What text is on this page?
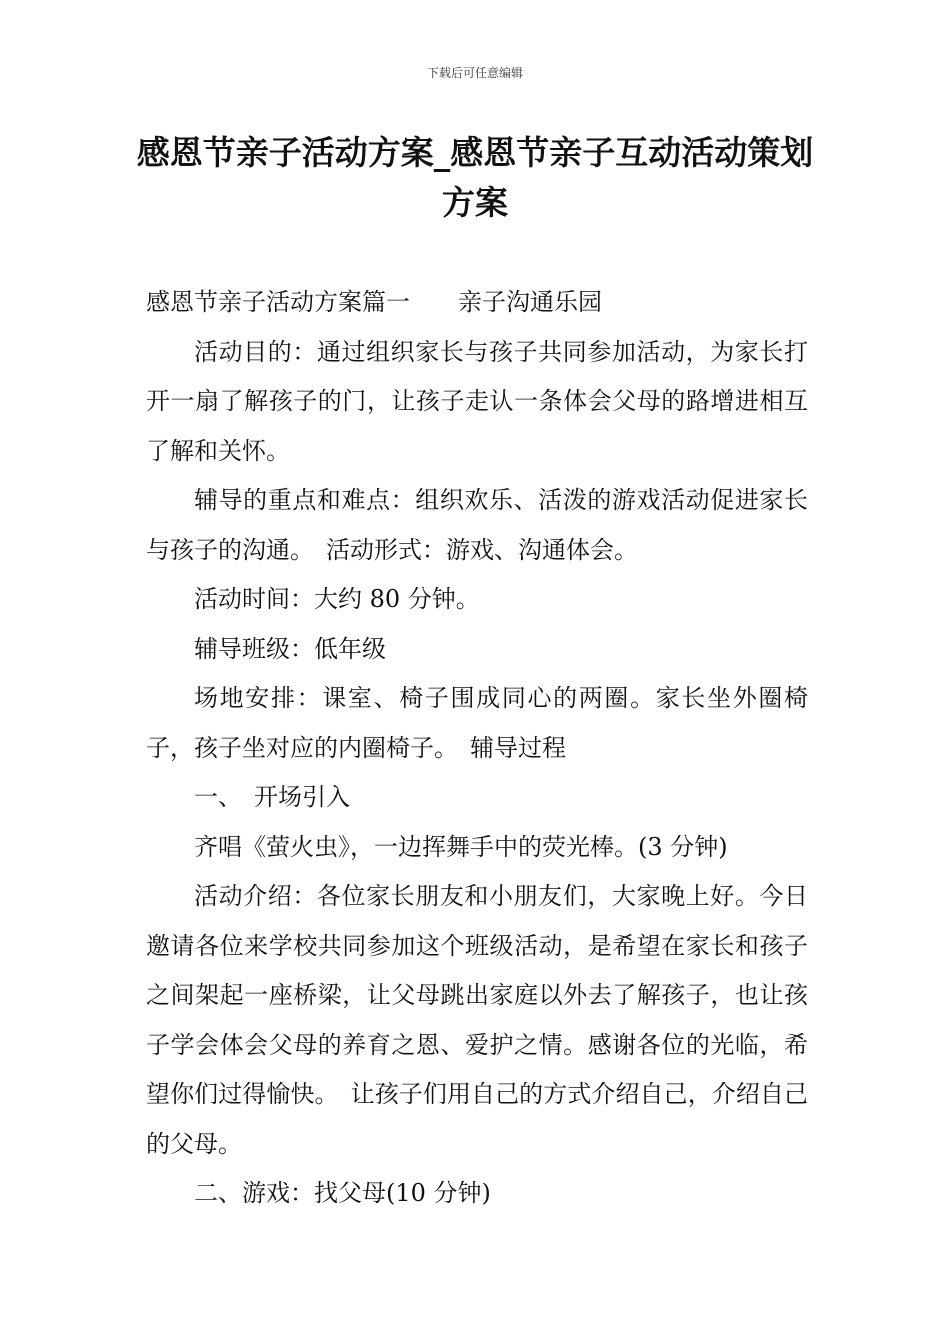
下载后可任意编辑
感恩节亲子活动方案_感恩节亲子互动活动策划方案

感恩节亲子活动方案篇一 亲子沟通乐园

活动目的：通过组织家长与孩子共同参加活动，为家长打开一扇了解孩子的门，让孩子走认一条体会父母的路增进相互了解和关怀。

辅导的重点和难点：组织欢乐、活泼的游戏活动促进家长与孩子的沟通。 活动形式：游戏、沟通体会。

活动时间：大约 80 分钟。

辅导班级：低年级

场地安排：课室、椅子围成同心的两圈。家长坐外圈椅子，孩子坐对应的内圈椅子。 辅导过程

一、 开场引入

齐唱《萤火虫》，一边挥舞手中的荧光棒。(3 分钟)

活动介绍：各位家长朋友和小朋友们，大家晚上好。今日邀请各位来学校共同参加这个班级活动，是希望在家长和孩子之间架起一座桥梁，让父母跳出家庭以外去了解孩子，也让孩子学会体会父母的养育之恩、爱护之情。感谢各位的光临，希望你们过得愉快。 让孩子们用自己的方式介绍自己，介绍自己的父母。

二、游戏：找父母(10 分钟)
